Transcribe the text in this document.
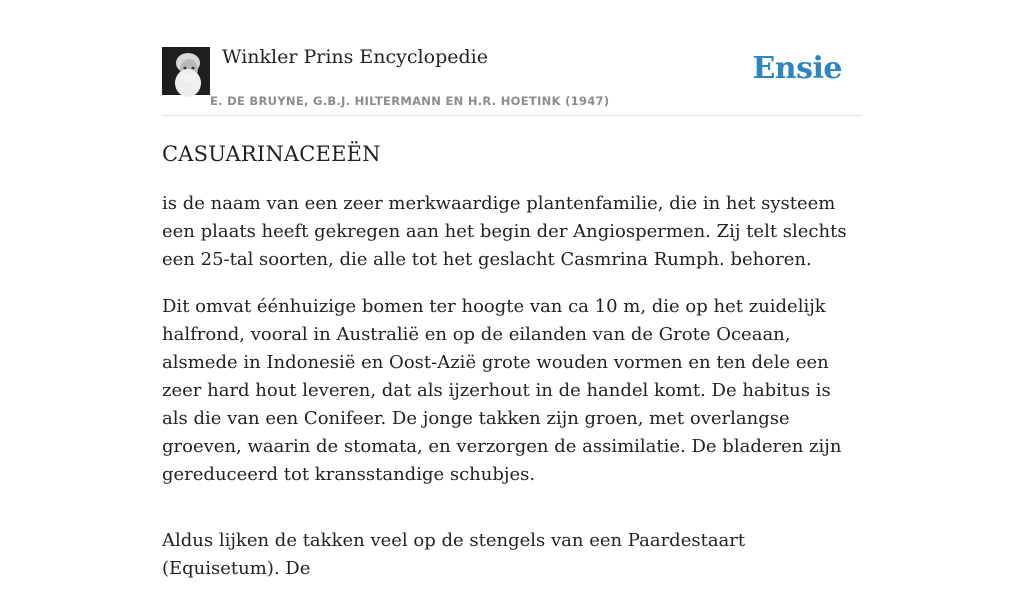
Winkler Prins Encyclopedie
E. DE BRUYNE, G.B.J. HILTERMANN EN H.R. HOETINK (1947)
Ensie
CASUARINACEEËN

is de naam van een zeer merkwaardige plantenfamilie, die in het systeem een plaats heeft gekregen aan het begin der Angiospermen. Zij telt slechts een 25-tal soorten, die alle tot het geslacht Casmrina Rumph. behoren.

Dit omvat éénhuizige bomen ter hoogte van ca 10 m, die op het zuidelijk halfrond, vooral in Australië en op de eilanden van de Grote Oceaan, alsmede in Indonesië en Oost-Azië grote wouden vormen en ten dele een zeer hard hout leveren, dat als ijzerhout in de handel komt. De habitus is als die van een Conifeer. De jonge takken zijn groen, met overlangse groeven, waarin de stomata, en verzorgen de assimilatie. De bladeren zijn gereduceerd tot kransstandige schubjes.

Aldus lijken de takken veel op de stengels van een Paardestaart (Equisetum). De
